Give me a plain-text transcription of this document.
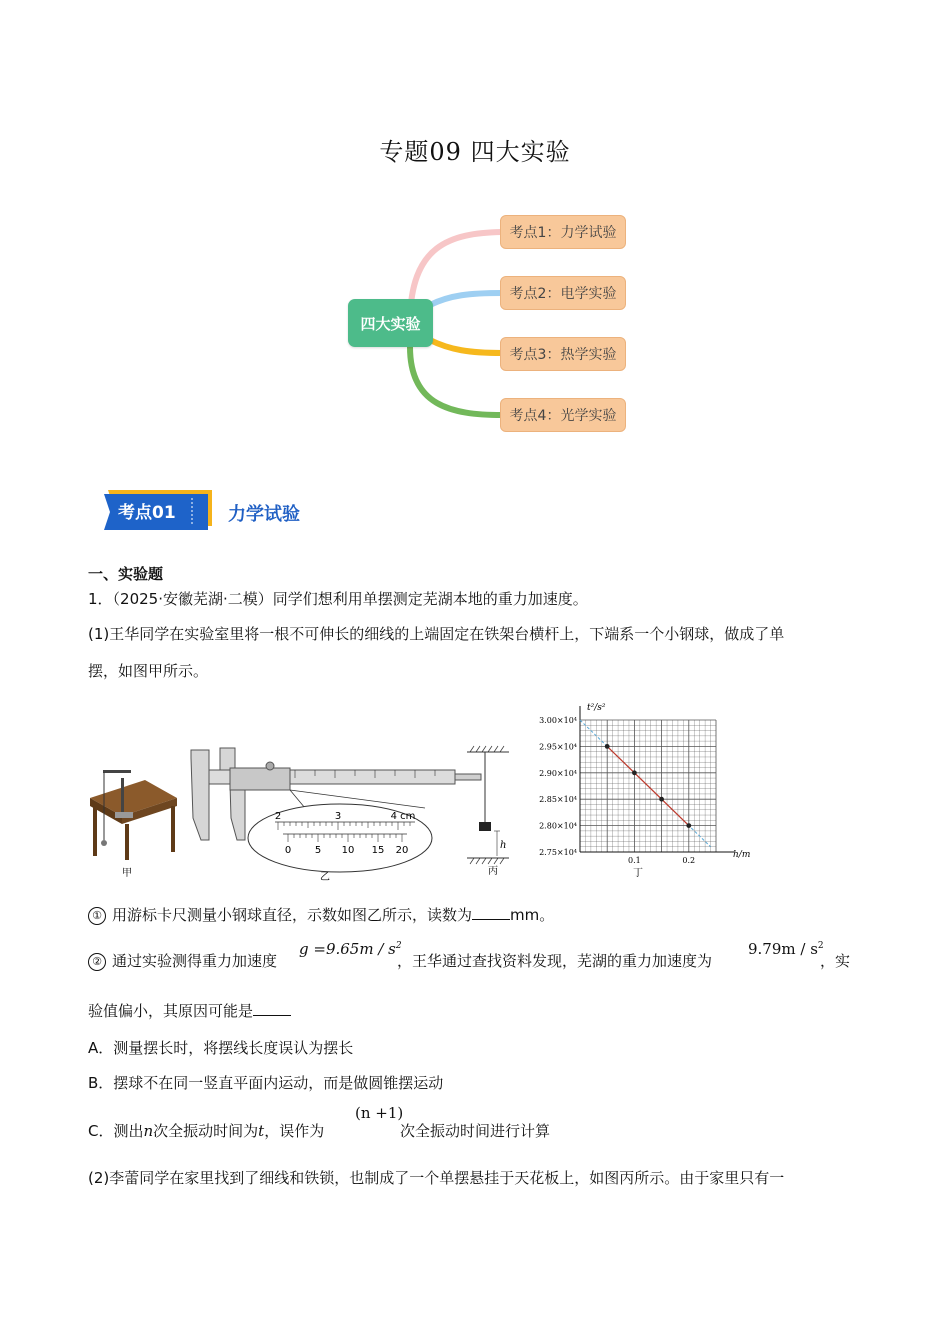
专题09 四大实验
四大实验
考点1：力学试验
考点2：电学实验
考点3：热学实验
考点4：光学实验
考点01	力学试验
一、实验题
1．（2025·安徽芜湖·二模）同学们想利用单摆测定芜湖本地的重力加速度。
(1)王华同学在实验室里将一根不可伸长的细线的上端固定在铁架台横杆上，下端系一个小钢球，做成了单
摆，如图甲所示。
2	3	4 cm
0 5 10 15 20	h
甲	乙
丙	丁
t²/s²
h/m
3.00×10⁴
2.95×10⁴
2.90×10⁴
2.85×10⁴
2.80×10⁴
2.75×10⁴
0.1	0.2
① 用游标卡尺测量小钢球直径，示数如图乙所示，读数为	mm。
② 通过实验测得重力加速度
$g =9.65m / s^2$
，王华通过查找资料发现，芜湖的重力加速度为
$9.79m / s^2$
，实
验值偏小，其原因可能是
A．测量摆长时，将摆线长度误认为摆长
B．摆球不在同一竖直平面内运动，而是做圆锥摆运动
C．测出n次全振动时间为t，误作为
(n +1)
次全振动时间进行计算
(2)李蕾同学在家里找到了细线和铁锁，也制成了一个单摆悬挂于天花板上，如图丙所示。由于家里只有一
